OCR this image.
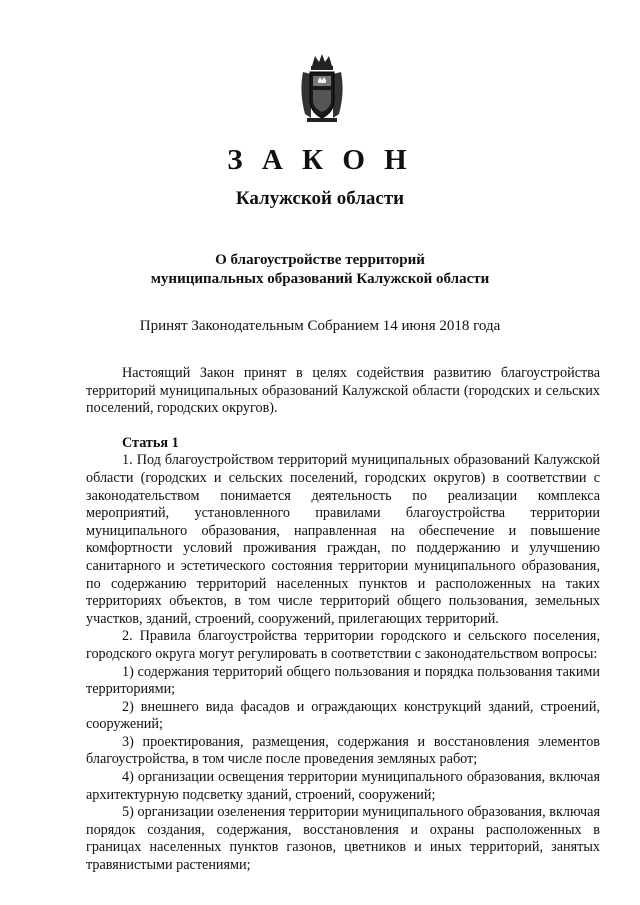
З А К О Н
Калужской области
О благоустройстве территорий
муниципальных образований Калужской области
Принят Законодательным Собранием 14 июня 2018 года

Настоящий Закон принят в целях содействия развитию благоустройства территорий муниципальных образований Калужской области (городских и сельских поселений, городских округов).

Статья 1

1. Под благоустройством территорий муниципальных образований Калужской области (городских и сельских поселений, городских округов) в соответствии с законодательством понимается деятельность по реализации комплекса мероприятий, установленного правилами благоустройства территории муниципального образования, направленная на обеспечение и повышение комфортности условий проживания граждан, по поддержанию и улучшению санитарного и эстетического состояния территории муниципального образования, по содержанию территорий населенных пунктов и расположенных на таких территориях объектов, в том числе территорий общего пользования, земельных участков, зданий, строений, сооружений, прилегающих территорий.

2. Правила благоустройства территории городского и сельского поселения, городского округа могут регулировать в соответствии с законодательством вопросы:

1) содержания территорий общего пользования и порядка пользования такими территориями;

2) внешнего вида фасадов и ограждающих конструкций зданий, строений, сооружений;

3) проектирования, размещения, содержания и восстановления элементов благоустройства, в том числе после проведения земляных работ;

4) организации освещения территории муниципального образования, включая архитектурную подсветку зданий, строений, сооружений;

5) организации озеленения территории муниципального образования, включая порядок создания, содержания, восстановления и охраны расположенных в границах населенных пунктов газонов, цветников и иных территорий, занятых травянистыми растениями;
